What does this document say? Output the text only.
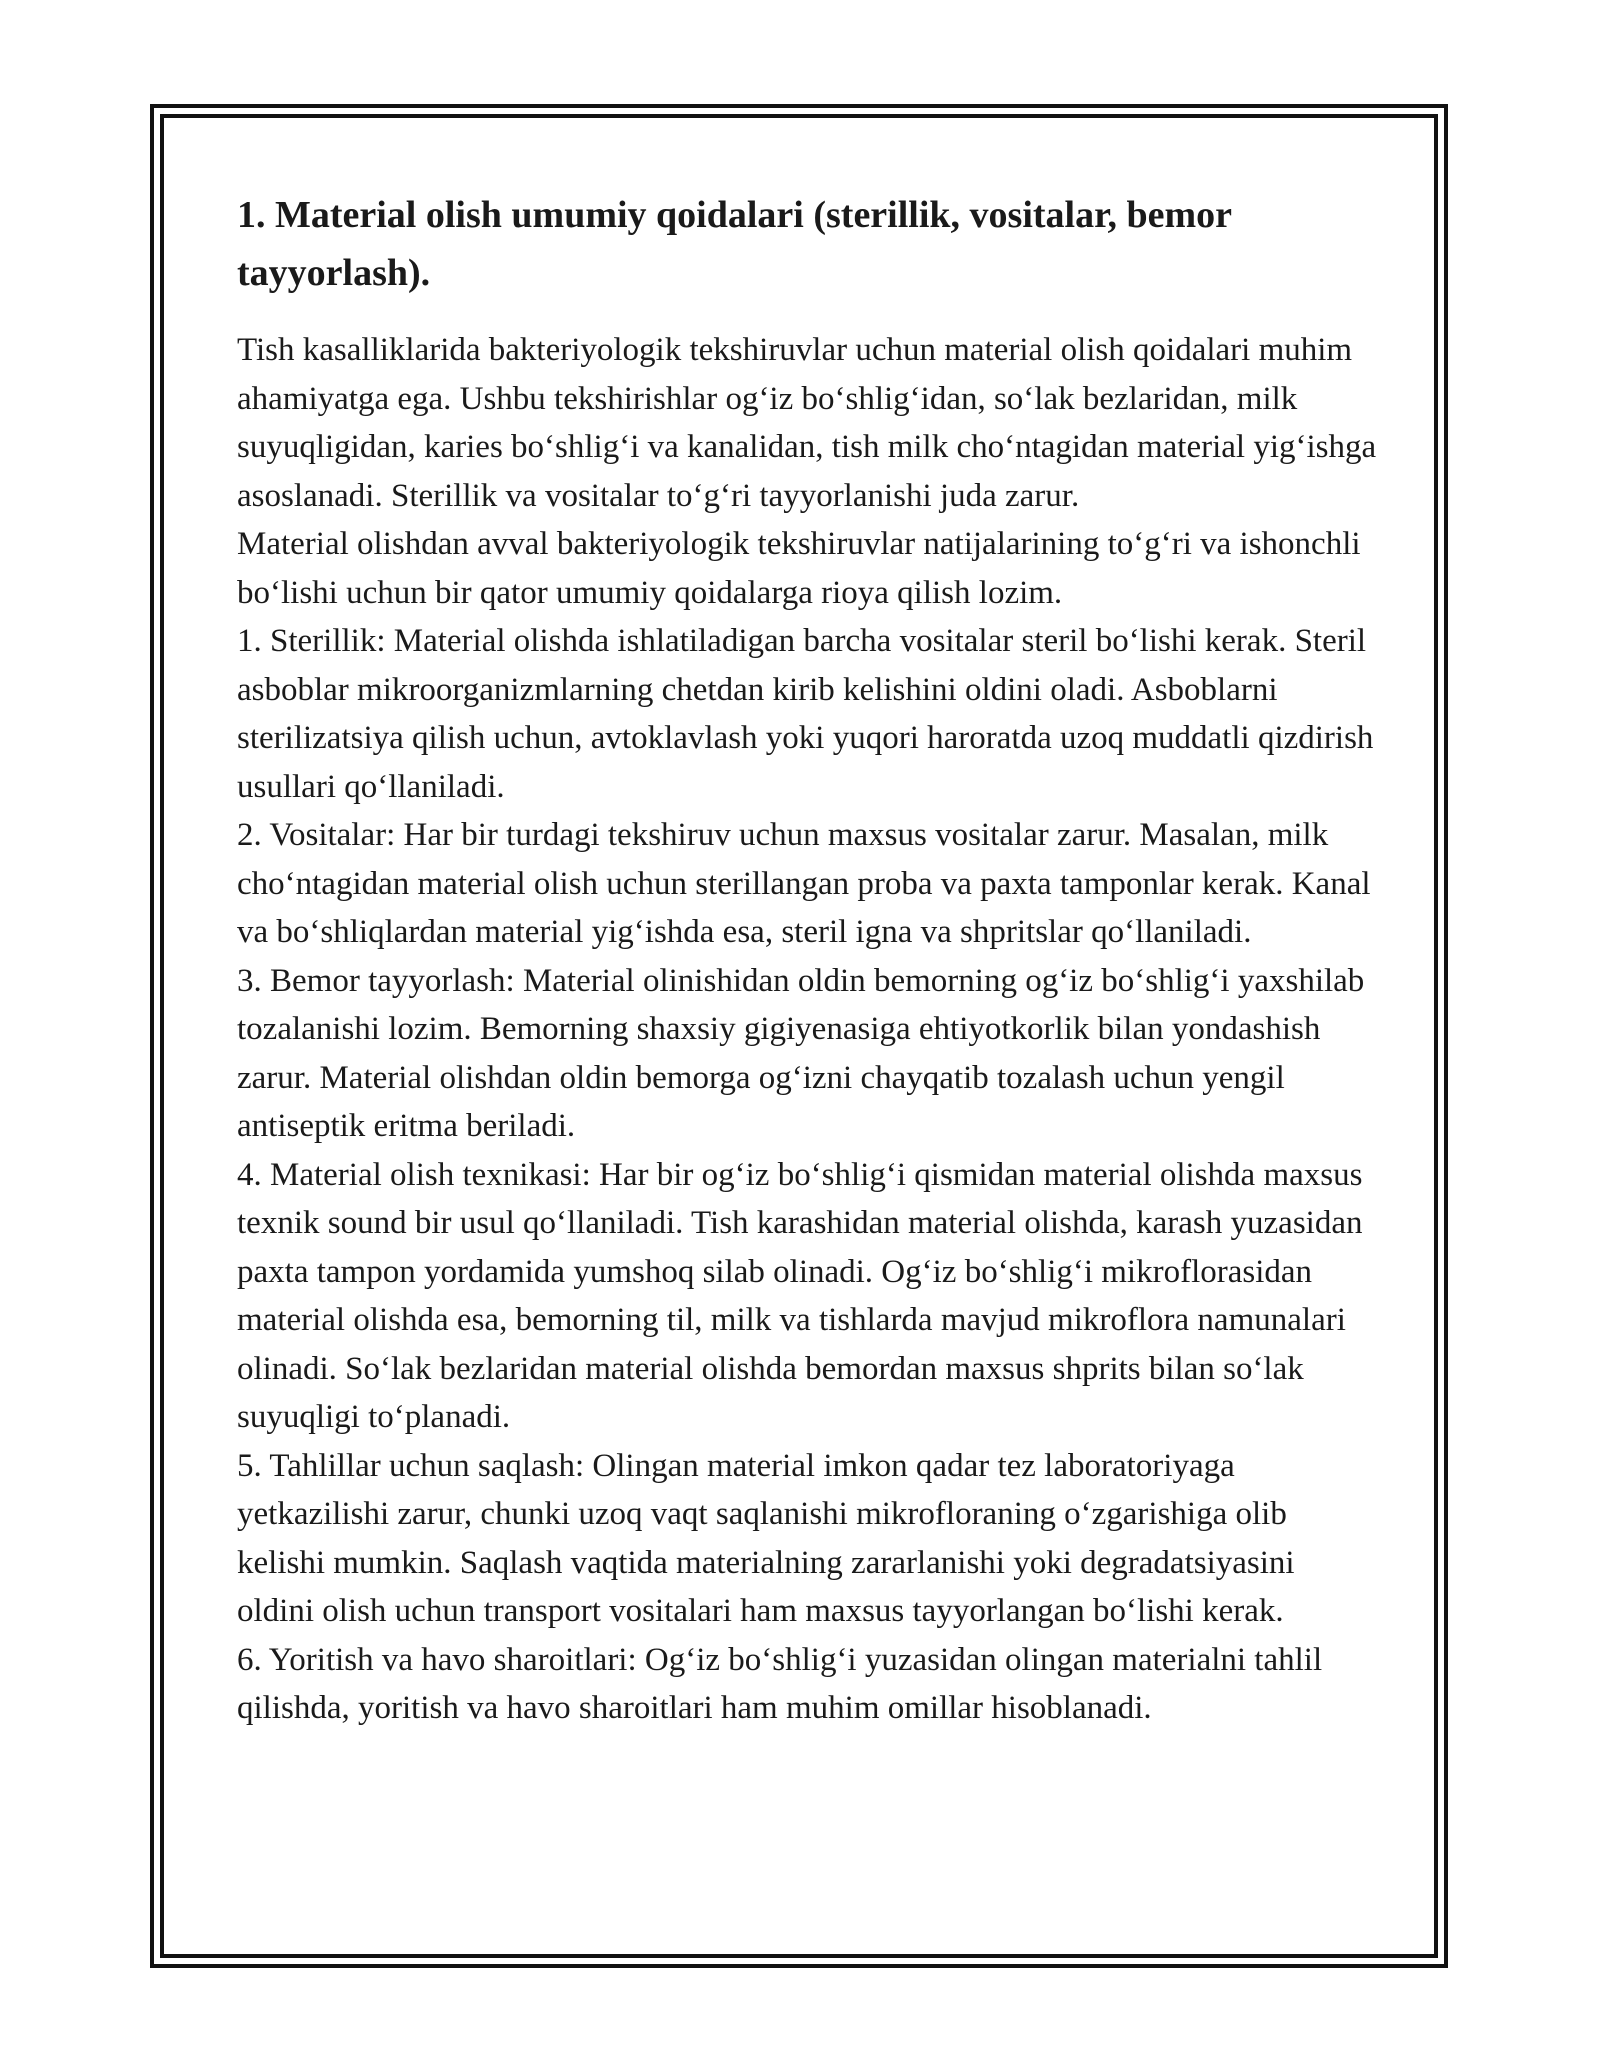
1. Material olish umumiy qoidalari (sterillik, vositalar, bemor tayyorlash).

Tish kasalliklarida bakteriyologik tekshiruvlar uchun material olish qoidalari muhim ahamiyatga ega. Ushbu tekshirishlar og‘iz bo‘shlig‘idan, so‘lak bezlaridan, milk suyuqligidan, karies bo‘shlig‘i va kanalidan, tish milk cho‘ntagidan material yig‘ishga asoslanadi. Sterillik va vositalar to‘g‘ri tayyorlanishi juda zarur.

Material olishdan avval bakteriyologik tekshiruvlar natijalarining to‘g‘ri va ishonchli bo‘lishi uchun bir qator umumiy qoidalarga rioya qilish lozim.

1. Sterillik: Material olishda ishlatiladigan barcha vositalar steril bo‘lishi kerak. Steril asboblar mikroorganizmlarning chetdan kirib kelishini oldini oladi. Asboblarni sterilizatsiya qilish uchun, avtoklavlash yoki yuqori haroratda uzoq muddatli qizdirish usullari qo‘llaniladi.

2. Vositalar: Har bir turdagi tekshiruv uchun maxsus vositalar zarur. Masalan, milk cho‘ntagidan material olish uchun sterillangan proba va paxta tamponlar kerak. Kanal va bo‘shliqlardan material yig‘ishda esa, steril igna va shpritslar qo‘llaniladi.

3. Bemor tayyorlash: Material olinishidan oldin bemorning og‘iz bo‘shlig‘i yaxshilab tozalanishi lozim. Bemorning shaxsiy gigiyenasiga ehtiyotkorlik bilan yondashish zarur. Material olishdan oldin bemorga og‘izni chayqatib tozalash uchun yengil antiseptik eritma beriladi.

4. Material olish texnikasi: Har bir og‘iz bo‘shlig‘i qismidan material olishda maxsus texnik sound bir usul qo‘llaniladi. Tish karashidan material olishda, karash yuzasidan paxta tampon yordamida yumshoq silab olinadi. Og‘iz bo‘shlig‘i mikroflorasidan material olishda esa, bemorning til, milk va tishlarda mavjud mikroflora namunalari olinadi. So‘lak bezlaridan material olishda bemordan maxsus shprits bilan so‘lak suyuqligi to‘planadi.

5. Tahlillar uchun saqlash: Olingan material imkon qadar tez laboratoriyaga yetkazilishi zarur, chunki uzoq vaqt saqlanishi mikrofloraning o‘zgarishiga olib kelishi mumkin. Saqlash vaqtida materialning zararlanishi yoki degradatsiyasini oldini olish uchun transport vositalari ham maxsus tayyorlangan bo‘lishi kerak.

6. Yoritish va havo sharoitlari: Og‘iz bo‘shlig‘i yuzasidan olingan materialni tahlil qilishda, yoritish va havo sharoitlari ham muhim omillar hisoblanadi.
